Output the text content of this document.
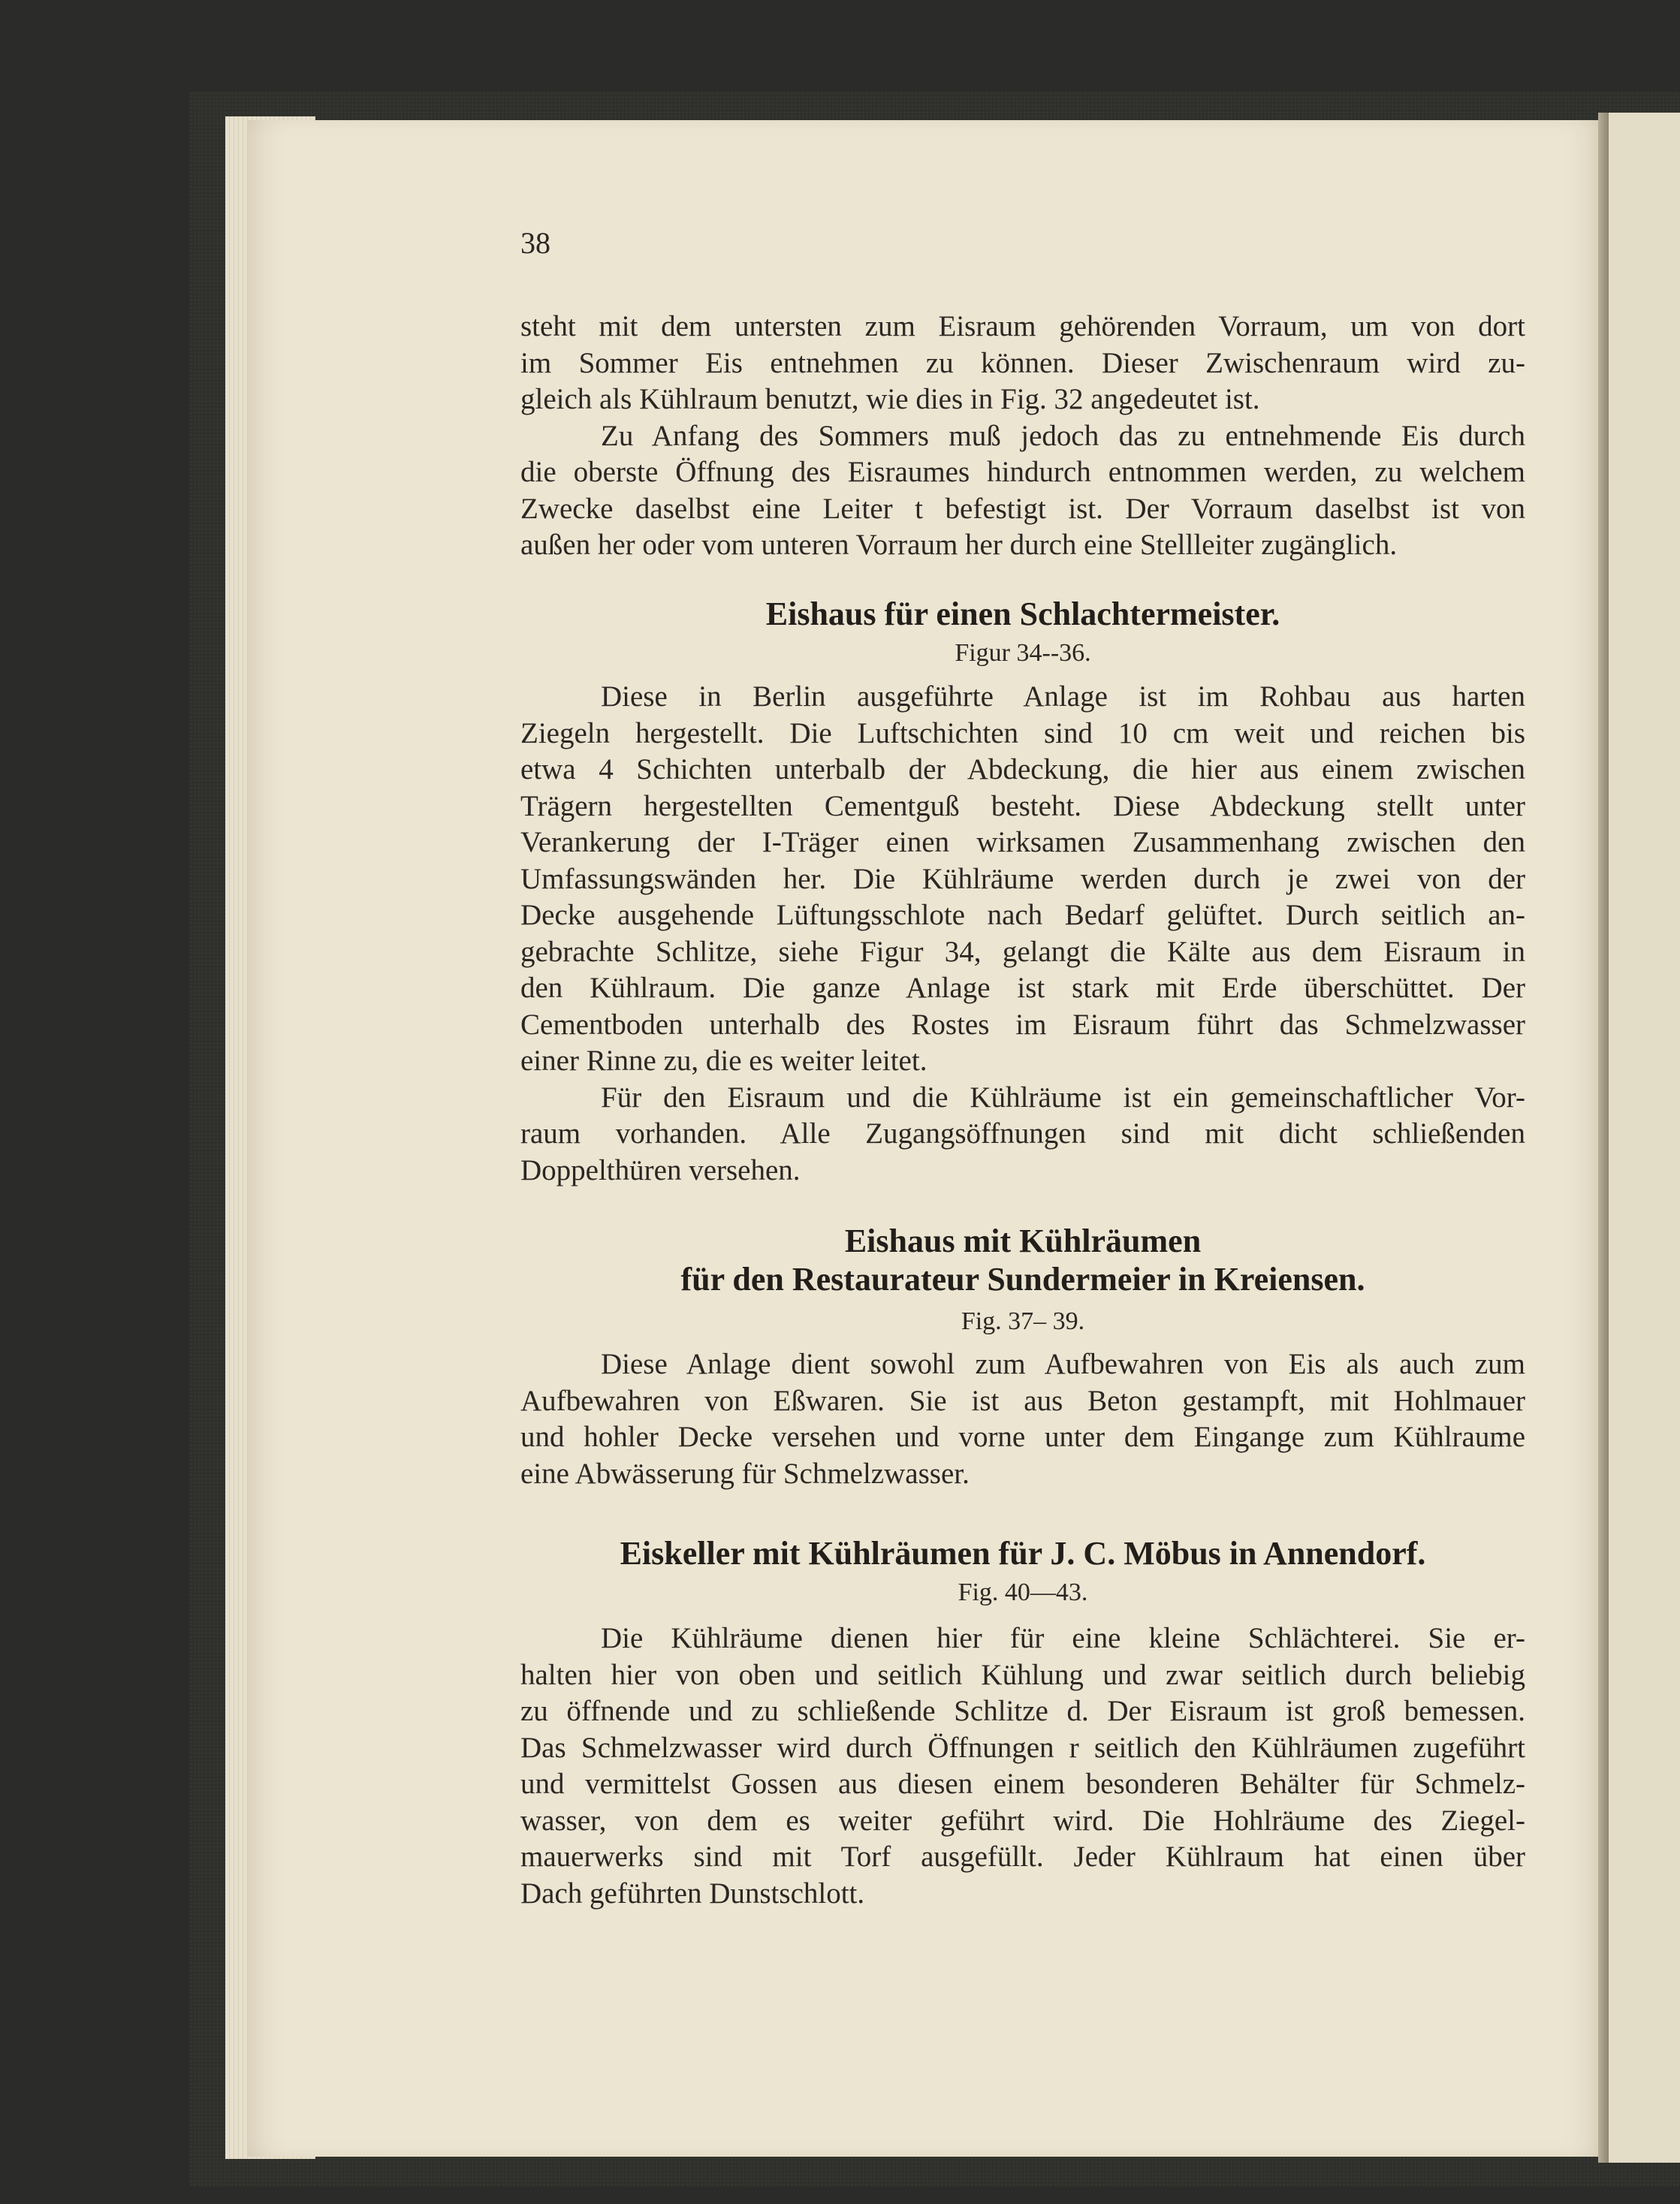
38
steht mit dem untersten zum Eisraum gehörenden Vorraum, um von dort
im Sommer Eis entnehmen zu können. Dieser Zwischenraum wird zu-
gleich als Kühlraum benutzt, wie dies in Fig. 32 angedeutet ist.
Zu Anfang des Sommers muß jedoch das zu entnehmende Eis durch
die oberste Öffnung des Eisraumes hindurch entnommen werden, zu welchem
Zwecke daselbst eine Leiter t befestigt ist. Der Vorraum daselbst ist von
außen her oder vom unteren Vorraum her durch eine Stellleiter zugänglich.
Eishaus für einen Schlachtermeister.
Figur 34--36.
Diese in Berlin ausgeführte Anlage ist im Rohbau aus harten
Ziegeln hergestellt. Die Luftschichten sind 10 cm weit und reichen bis
etwa 4 Schichten unterbalb der Abdeckung, die hier aus einem zwischen
Trägern hergestellten Cementguß besteht. Diese Abdeckung stellt unter
Verankerung der I-Träger einen wirksamen Zusammenhang zwischen den
Umfassungswänden her. Die Kühlräume werden durch je zwei von der
Decke ausgehende Lüftungsschlote nach Bedarf gelüftet. Durch seitlich an-
gebrachte Schlitze, siehe Figur 34, gelangt die Kälte aus dem Eisraum in
den Kühlraum. Die ganze Anlage ist stark mit Erde überschüttet. Der
Cementboden unterhalb des Rostes im Eisraum führt das Schmelzwasser
einer Rinne zu, die es weiter leitet.
Für den Eisraum und die Kühlräume ist ein gemeinschaftlicher Vor-
raum vorhanden. Alle Zugangsöffnungen sind mit dicht schließenden
Doppelthüren versehen.
Eishaus mit Kühlräumen
für den Restaurateur Sundermeier in Kreiensen.
Fig. 37– 39.
Diese Anlage dient sowohl zum Aufbewahren von Eis als auch zum
Aufbewahren von Eßwaren. Sie ist aus Beton gestampft, mit Hohlmauer
und hohler Decke versehen und vorne unter dem Eingange zum Kühlraume
eine Abwässerung für Schmelzwasser.
Eiskeller mit Kühlräumen für J. C. Möbus in Annendorf.
Fig. 40—43.
Die Kühlräume dienen hier für eine kleine Schlächterei. Sie er-
halten hier von oben und seitlich Kühlung und zwar seitlich durch beliebig
zu öffnende und zu schließende Schlitze d. Der Eisraum ist groß bemessen.
Das Schmelzwasser wird durch Öffnungen r seitlich den Kühlräumen zugeführt
und vermittelst Gossen aus diesen einem besonderen Behälter für Schmelz-
wasser, von dem es weiter geführt wird. Die Hohlräume des Ziegel-
mauerwerks sind mit Torf ausgefüllt. Jeder Kühlraum hat einen über
Dach geführten Dunstschlott.
